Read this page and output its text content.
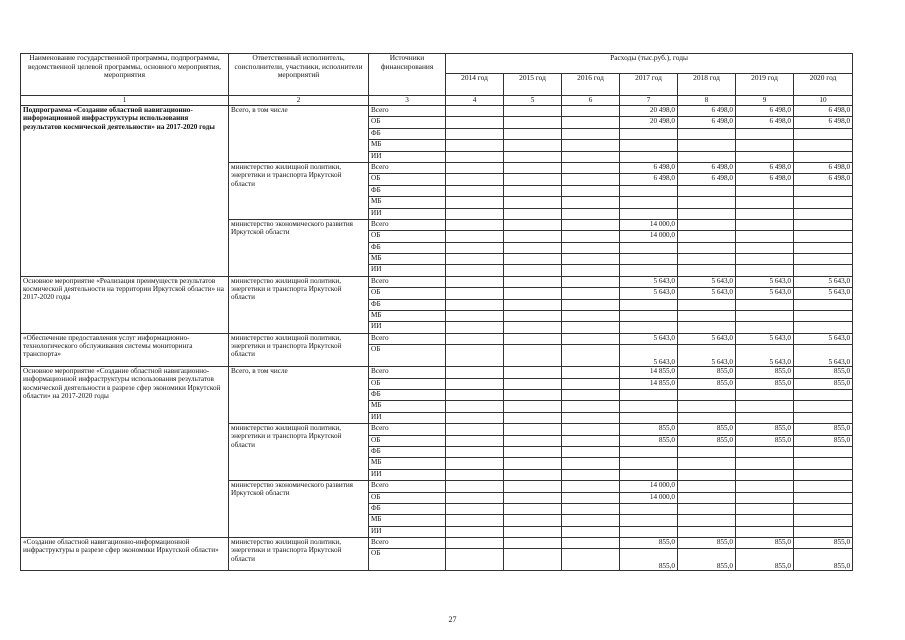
Наименование государственной программы, подпрограммы, ведомственной целевой программы, основного мероприятия, мероприятия	Ответственный исполнитель, соисполнители, участники, исполнители мероприятий	Источники финансирования	Расходы (тыс.руб.), годы						
			2014 год	2015 год	2016 год	2017 год	2018 год	2019 год	2020 год
1	2	3	4	5	6	7	8	9	10
Подпрограмма «Создание областной навигационно-информационной инфраструктуры использования результатов космической деятельности» на 2017-2020 годы	Всего, в том числе	Всего				20 498,0	6 498,0	6 498,0	6 498,0
		ОБ				20 498,0	6 498,0	6 498,0	6 498,0
		ФБ							
		МБ							
		ИИ							
	министерство жилищной политики, энергетики и транспорта Иркутской области	Всего				6 498,0	6 498,0	6 498,0	6 498,0
		ОБ				6 498,0	6 498,0	6 498,0	6 498,0
		ФБ							
		МБ							
		ИИ							
	министерство экономического развития Иркутской области	Всего				14 000,0			
		ОБ				14 000,0			
		ФБ							
		МБ							
		ИИ							
Основное мероприятие «Реализация преимуществ результатов космической деятельности на территории Иркутской области» на 2017-2020 годы	министерство жилищной политики, энергетики и транспорта Иркутской области	Всего				5 643,0	5 643,0	5 643,0	5 643,0
		ОБ				5 643,0	5 643,0	5 643,0	5 643,0
		ФБ							
		МБ							
		ИИ							
«Обеспечение предоставления услуг информационно-технологического обслуживания системы мониторинга транспорта»	министерство жилищной политики, энергетики и транспорта Иркутской области	Всего				5 643,0	5 643,0	5 643,0	5 643,0
		ОБ				5 643,0	5 643,0	5 643,0	5 643,0
Основное мероприятие «Создание областной навигационно-информационной инфраструктуры использования результатов космической деятельности в разрезе сфер экономики Иркутской области» на 2017-2020 годы	Всего, в том числе	Всего				14 855,0	855,0	855,0	855,0
		ОБ				14 855,0	855,0	855,0	855,0
		ФБ							
		МБ							
		ИИ							
	министерство жилищной политики, энергетики и транспорта Иркутской области	Всего				855,0	855,0	855,0	855,0
		ОБ				855,0	855,0	855,0	855,0
		ФБ							
		МБ							
		ИИ							
	министерство экономического развития Иркутской области	Всего				14 000,0			
		ОБ				14 000,0			
		ФБ							
		МБ							
		ИИ							
«Создание областной навигационно-информационной инфраструктуры в разрезе сфер экономики Иркутской области»	министерство жилищной политики, энергетики и транспорта Иркутской области	Всего				855,0	855,0	855,0	855,0
		ОБ				855,0	855,0	855,0	855,0
27
